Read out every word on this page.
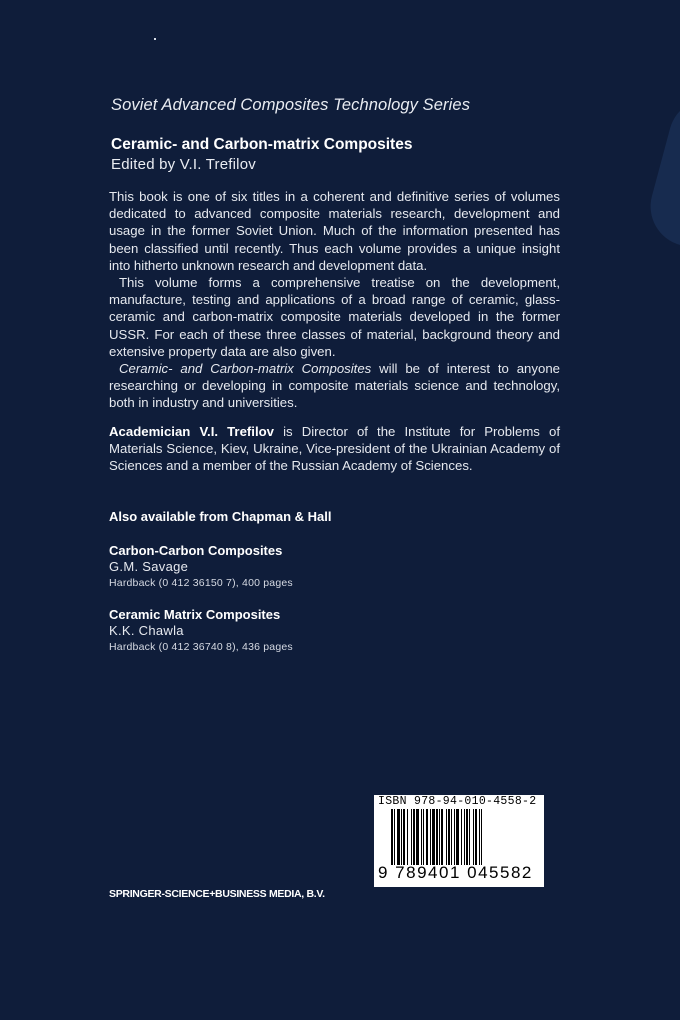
Soviet Advanced Composites Technology Series
Ceramic- and Carbon-matrix Composites
Edited by V.I. Trefilov

This book is one of six titles in a coherent and definitive series of volumes dedicated to advanced composite materials research, development and usage in the former Soviet Union. Much of the information presented has been classified until recently. Thus each volume provides a unique insight into hitherto unknown research and development data.

This volume forms a comprehensive treatise on the development, manufacture, testing and applications of a broad range of ceramic, glass-ceramic and carbon-matrix composite materials developed in the former USSR. For each of these three classes of material, background theory and extensive property data are also given.

Ceramic- and Carbon-matrix Composites will be of interest to anyone researching or developing in composite materials science and technology, both in industry and universities.

Academician V.I. Trefilov is Director of the Institute for Problems of Materials Science, Kiev, Ukraine, Vice-president of the Ukrainian Academy of Sciences and a member of the Russian Academy of Sciences.
Also available from Chapman & Hall
Carbon-Carbon Composites
G.M. Savage
Hardback (0 412 36150 7), 400 pages
Ceramic Matrix Composites
K.K. Chawla
Hardback (0 412 36740 8), 436 pages
ISBN 978-94-010-4558-2
9 789401 045582
SPRINGER-SCIENCE+BUSINESS MEDIA, B.V.
